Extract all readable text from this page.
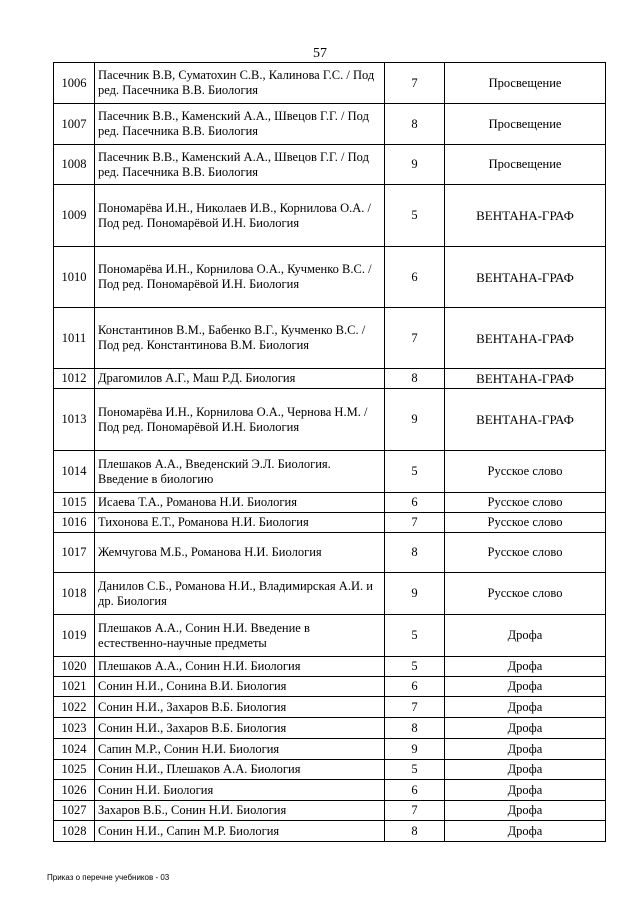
57
1006	Пасечник В.В, Суматохин С.В., Калинова Г.С. / Под ред. Пасечника В.В. Биология	7	Просвещение
1007	Пасечник В.В., Каменский А.А., Швецов Г.Г. / Под ред. Пасечника В.В. Биология	8	Просвещение
1008	Пасечник В.В., Каменский А.А., Швецов Г.Г. / Под ред. Пасечника В.В. Биология	9	Просвещение
1009	Пономарёва И.Н., Николаев И.В., Корнилова О.А. / Под ред. Пономарёвой И.Н. Биология	5	ВЕНТАНА-ГРАФ
1010	Пономарёва И.Н., Корнилова О.А., Кучменко В.С. / Под ред. Пономарёвой И.Н. Биология	6	ВЕНТАНА-ГРАФ
1011	Константинов В.М., Бабенко В.Г., Кучменко В.С. / Под ред. Константинова В.М. Биология	7	ВЕНТАНА-ГРАФ
1012	Драгомилов А.Г., Маш Р.Д. Биология	8	ВЕНТАНА-ГРАФ
1013	Пономарёва И.Н., Корнилова О.А., Чернова Н.М. / Под ред. Пономарёвой И.Н. Биология	9	ВЕНТАНА-ГРАФ
1014	Плешаков А.А., Введенский Э.Л. Биология. Введение в биологию	5	Русское слово
1015	Исаева Т.А., Романова Н.И. Биология	6	Русское слово
1016	Тихонова Е.Т., Романова Н.И. Биология	7	Русское слово
1017	Жемчугова М.Б., Романова Н.И. Биология	8	Русское слово
1018	Данилов С.Б., Романова Н.И., Владимирская А.И. и др. Биология	9	Русское слово
1019	Плешаков А.А., Сонин Н.И. Введение в естественно-научные предметы	5	Дрофа
1020	Плешаков А.А., Сонин Н.И. Биология	5	Дрофа
1021	Сонин Н.И., Сонина В.И. Биология	6	Дрофа
1022	Сонин Н.И., Захаров В.Б. Биология	7	Дрофа
1023	Сонин Н.И., Захаров В.Б. Биология	8	Дрофа
1024	Сапин М.Р., Сонин Н.И. Биология	9	Дрофа
1025	Сонин Н.И., Плешаков А.А. Биология	5	Дрофа
1026	Сонин Н.И. Биология	6	Дрофа
1027	Захаров В.Б., Сонин Н.И. Биология	7	Дрофа
1028	Сонин Н.И., Сапин М.Р. Биология	8	Дрофа
Приказ о перечне учебников - 03
